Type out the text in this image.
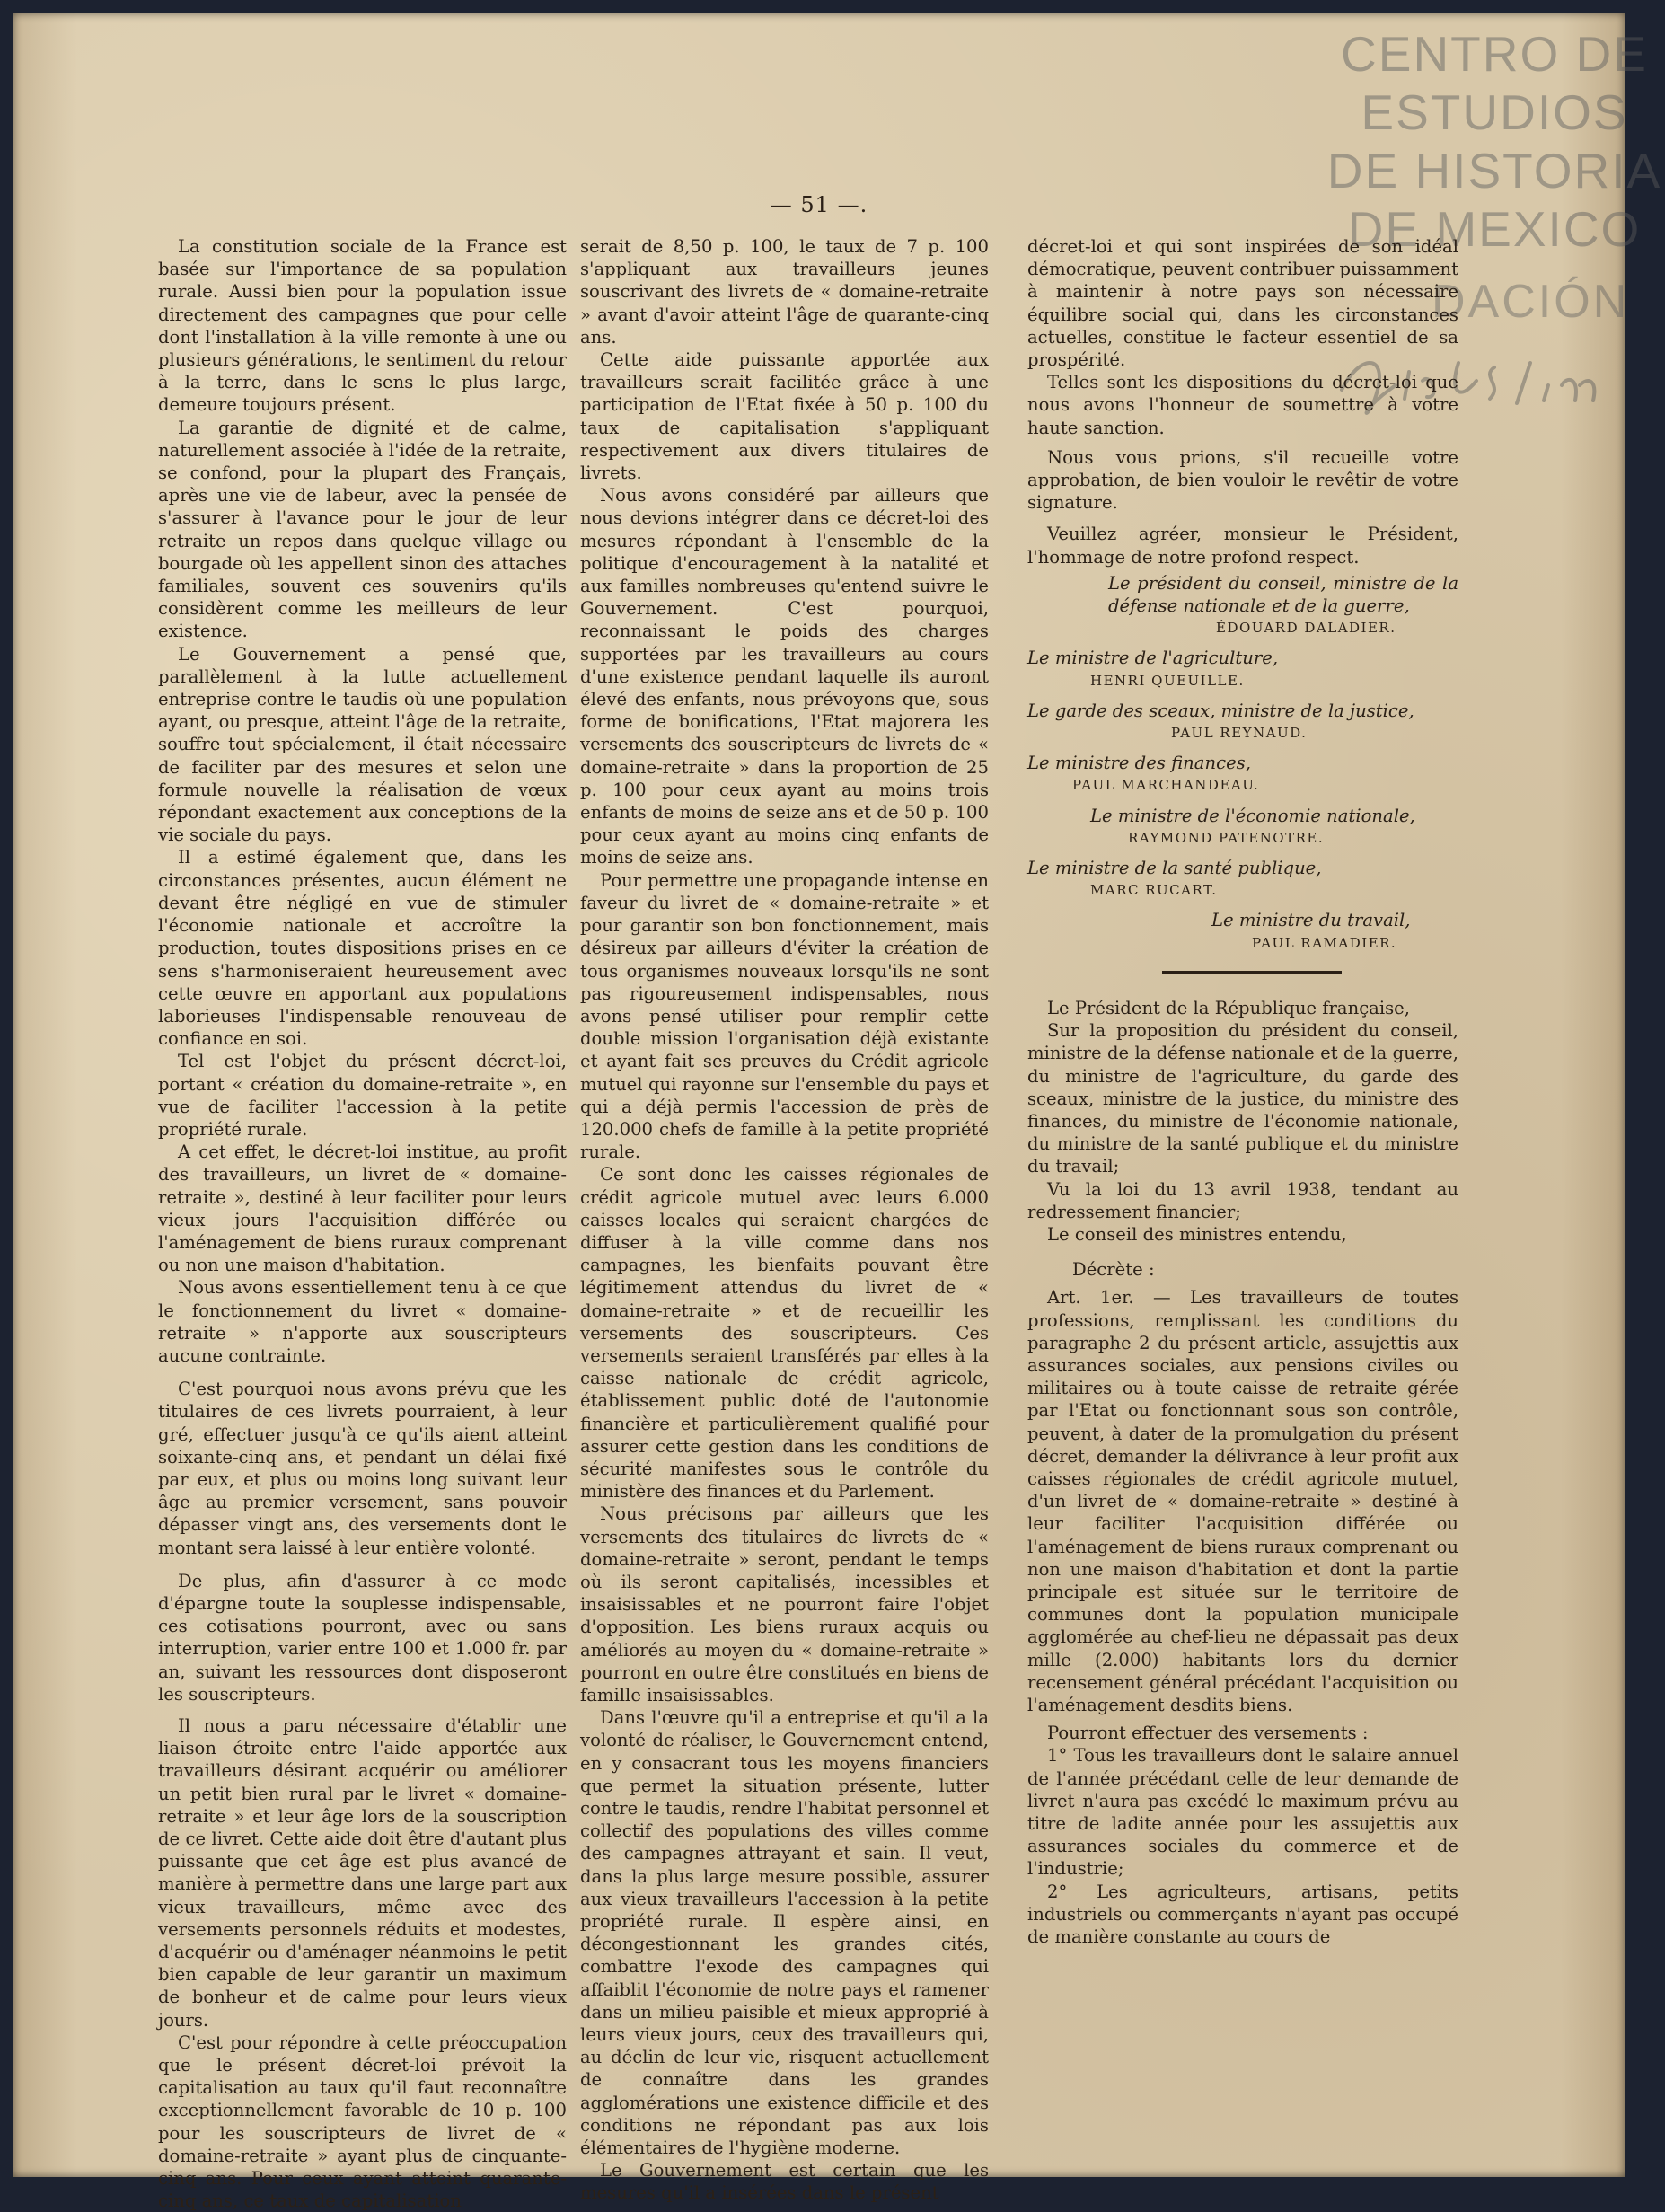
CENTRO DE
ESTUDIOS
DE HISTORIA
DE MEXICO
DACIÓN
— 51 —.

La constitution sociale de la France est basée sur l'importance de sa population rurale. Aussi bien pour la population issue directement des campagnes que pour celle dont l'installation à la ville remonte à une ou plusieurs générations, le sentiment du retour à la terre, dans le sens le plus large, demeure toujours présent.

La garantie de dignité et de calme, naturellement associée à l'idée de la retraite, se confond, pour la plupart des Français, après une vie de labeur, avec la pensée de s'assurer à l'avance pour le jour de leur retraite un repos dans quelque village ou bourgade où les appellent sinon des attaches familiales, souvent ces souvenirs qu'ils considèrent comme les meilleurs de leur existence.

Le Gouvernement a pensé que, parallèlement à la lutte actuellement entreprise contre le taudis où une population ayant, ou presque, atteint l'âge de la retraite, souffre tout spécialement, il était nécessaire de faciliter par des mesures et selon une formule nouvelle la réalisation de vœux répondant exactement aux conceptions de la vie sociale du pays.

Il a estimé également que, dans les circonstances présentes, aucun élément ne devant être négligé en vue de stimuler l'économie nationale et accroître la production, toutes dispositions prises en ce sens s'harmoniseraient heureusement avec cette œuvre en apportant aux populations laborieuses l'indispensable renouveau de confiance en soi.

Tel est l'objet du présent décret-loi, portant « création du domaine-retraite », en vue de faciliter l'accession à la petite propriété rurale.

A cet effet, le décret-loi institue, au profit des travailleurs, un livret de « domaine-retraite », destiné à leur faciliter pour leurs vieux jours l'acquisition différée ou l'aménagement de biens ruraux comprenant ou non une maison d'habitation.

Nous avons essentiellement tenu à ce que le fonctionnement du livret « domaine-retraite » n'apporte aux souscripteurs aucune contrainte.

C'est pourquoi nous avons prévu que les titulaires de ces livrets pourraient, à leur gré, effectuer jusqu'à ce qu'ils aient atteint soixante-cinq ans, et pendant un délai fixé par eux, et plus ou moins long suivant leur âge au premier versement, sans pouvoir dépasser vingt ans, des versements dont le montant sera laissé à leur entière volonté.

De plus, afin d'assurer à ce mode d'épargne toute la souplesse indispensable, ces cotisations pourront, avec ou sans interruption, varier entre 100 et 1.000 fr. par an, suivant les ressources dont disposeront les souscripteurs.

Il nous a paru nécessaire d'établir une liaison étroite entre l'aide apportée aux travailleurs désirant acquérir ou améliorer un petit bien rural par le livret « domaine-retraite » et leur âge lors de la souscription de ce livret. Cette aide doit être d'autant plus puissante que cet âge est plus avancé de manière à permettre dans une large part aux vieux travailleurs, même avec des versements personnels réduits et modestes, d'acquérir ou d'aménager néanmoins le petit bien capable de leur garantir un maximum de bonheur et de calme pour leurs vieux jours.

C'est pour répondre à cette préoccupation que le présent décret-loi prévoit la capitalisation au taux qu'il faut reconnaître exceptionnellement favorable de 10 p. 100 pour les souscripteurs de livret de « domaine-retraite » ayant plus de cinquante-cinq ans. Pour ceux ayant atteint quarante-cinq ans, ce taux de capitalisation

serait de 8,50 p. 100, le taux de 7 p. 100 s'appliquant aux travailleurs jeunes souscrivant des livrets de « domaine-retraite » avant d'avoir atteint l'âge de quarante-cinq ans.

Cette aide puissante apportée aux travailleurs serait facilitée grâce à une participation de l'Etat fixée à 50 p. 100 du taux de capitalisation s'appliquant respectivement aux divers titulaires de livrets.

Nous avons considéré par ailleurs que nous devions intégrer dans ce décret-loi des mesures répondant à l'ensemble de la politique d'encouragement à la natalité et aux familles nombreuses qu'entend suivre le Gouvernement. C'est pourquoi, reconnaissant le poids des charges supportées par les travailleurs au cours d'une existence pendant laquelle ils auront élevé des enfants, nous prévoyons que, sous forme de bonifications, l'Etat majorera les versements des souscripteurs de livrets de « domaine-retraite » dans la proportion de 25 p. 100 pour ceux ayant au moins trois enfants de moins de seize ans et de 50 p. 100 pour ceux ayant au moins cinq enfants de moins de seize ans.

Pour permettre une propagande intense en faveur du livret de « domaine-retraite » et pour garantir son bon fonctionnement, mais désireux par ailleurs d'éviter la création de tous organismes nouveaux lorsqu'ils ne sont pas rigoureusement indispensables, nous avons pensé utiliser pour remplir cette double mission l'organisation déjà existante et ayant fait ses preuves du Crédit agricole mutuel qui rayonne sur l'ensemble du pays et qui a déjà permis l'accession de près de 120.000 chefs de famille à la petite propriété rurale.

Ce sont donc les caisses régionales de crédit agricole mutuel avec leurs 6.000 caisses locales qui seraient chargées de diffuser à la ville comme dans nos campagnes, les bienfaits pouvant être légitimement attendus du livret de « domaine-retraite » et de recueillir les versements des souscripteurs. Ces versements seraient transférés par elles à la caisse nationale de crédit agricole, établissement public doté de l'autonomie financière et particulièrement qualifié pour assurer cette gestion dans les conditions de sécurité manifestes sous le contrôle du ministère des finances et du Parlement.

Nous précisons par ailleurs que les versements des titulaires de livrets de « domaine-retraite » seront, pendant le temps où ils seront capitalisés, incessibles et insaisissables et ne pourront faire l'objet d'opposition. Les biens ruraux acquis ou améliorés au moyen du « domaine-retraite » pourront en outre être constitués en biens de famille insaisissables.

Dans l'œuvre qu'il a entreprise et qu'il a la volonté de réaliser, le Gouvernement entend, en y consacrant tous les moyens financiers que permet la situation présente, lutter contre le taudis, rendre l'habitat personnel et collectif des populations des villes comme des campagnes attrayant et sain. Il veut, dans la plus large mesure possible, assurer aux vieux travailleurs l'accession à la petite propriété rurale. Il espère ainsi, en décongestionnant les grandes cités, combattre l'exode des campagnes qui affaiblit l'économie de notre pays et ramener dans un milieu paisible et mieux approprié à leurs vieux jours, ceux des travailleurs qui, au déclin de leur vie, risquent actuellement de connaître dans les grandes agglomérations une existence difficile et des conditions ne répondant pas aux lois élémentaires de l'hygiène moderne.

Le Gouvernement est certain que les mesures qu'il a insérées dans le présent

décret-loi et qui sont inspirées de son idéal démocratique, peuvent contribuer puissamment à maintenir à notre pays son nécessaire équilibre social qui, dans les circonstances actuelles, constitue le facteur essentiel de sa prospérité.

Telles sont les dispositions du décret-loi que nous avons l'honneur de soumettre à votre haute sanction.

Nous vous prions, s'il recueille votre approbation, de bien vouloir le revêtir de votre signature.

Veuillez agréer, monsieur le Président, l'hommage de notre profond respect.

Le président du conseil, ministre de la défense nationale et de la guerre,

ÉDOUARD DALADIER.

Le ministre de l'agriculture,

HENRI QUEUILLE.

Le garde des sceaux, ministre de la justice,

PAUL REYNAUD.

Le ministre des finances,

PAUL MARCHANDEAU.

Le ministre de l'économie nationale,

RAYMOND PATENOTRE.

Le ministre de la santé publique,

MARC RUCART.

Le ministre du travail,

PAUL RAMADIER.

Le Président de la République française,

Sur la proposition du président du conseil, ministre de la défense nationale et de la guerre, du ministre de l'agriculture, du garde des sceaux, ministre de la justice, du ministre des finances, du ministre de l'économie nationale, du ministre de la santé publique et du ministre du travail;

Vu la loi du 13 avril 1938, tendant au redressement financier;

Le conseil des ministres entendu,

Décrète :

Art. 1er. — Les travailleurs de toutes professions, remplissant les conditions du paragraphe 2 du présent article, assujettis aux assurances sociales, aux pensions civiles ou militaires ou à toute caisse de retraite gérée par l'Etat ou fonctionnant sous son contrôle, peuvent, à dater de la promulgation du présent décret, demander la délivrance à leur profit aux caisses régionales de crédit agricole mutuel, d'un livret de « domaine-retraite » destiné à leur faciliter l'acquisition différée ou l'aménagement de biens ruraux comprenant ou non une maison d'habitation et dont la partie principale est située sur le territoire de communes dont la population municipale agglomérée au chef-lieu ne dépassait pas deux mille (2.000) habitants lors du dernier recensement général précédant l'acquisition ou l'aménagement desdits biens.

Pourront effectuer des versements :

1° Tous les travailleurs dont le salaire annuel de l'année précédant celle de leur demande de livret n'aura pas excédé le maximum prévu au titre de ladite année pour les assujettis aux assurances sociales du commerce et de l'industrie;

2° Les agriculteurs, artisans, petits industriels ou commerçants n'ayant pas occupé de manière constante au cours de
